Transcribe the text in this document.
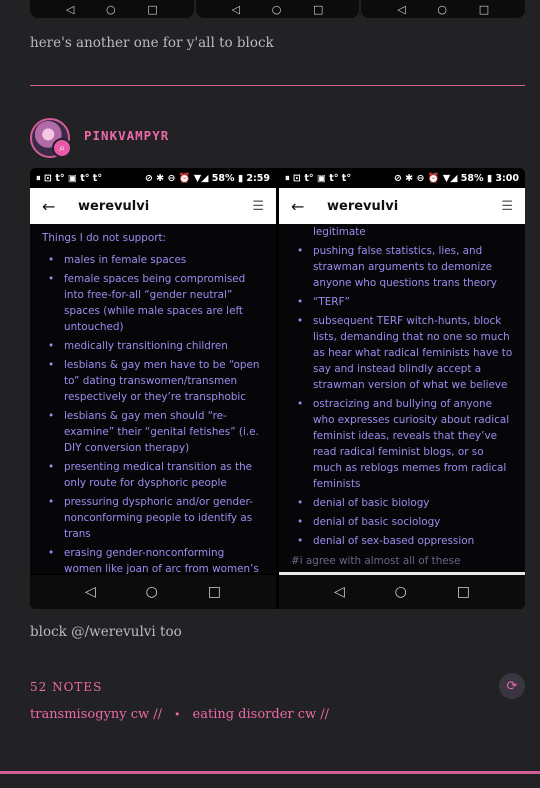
◁	○	□	◁	○	□	◁	○	□

here's another one for y'all to block

⌕
PINKVAMPYR
⏸ ⊡ t° ▣ t° t°	⊘ ✱ ⊖ ⏰ ▼◢ 58% ▮ 2:59
←	werevulvi	☰
Things I do not support:
• males in female spaces
• female spaces being compromised into free-for-all “gender neutral” spaces (while male spaces are left untouched)
• medically transitioning children
• lesbians & gay men have to be “open to” dating transwomen/transmen respectively or they’re transphobic
• lesbians & gay men should “re-examine” their “genital fetishes” (i.e. DIY conversion therapy)
• presenting medical transition as the only route for dysphoric people
• pressuring dysphoric and/or gender-nonconforming people to identify as trans
• erasing gender-nonconforming women like joan of arc from women’s
◁	○	□
⏸ ⊡ t° ▣ t° t°	⊘ ✱ ⊖ ⏰ ▼◢ 58% ▮ 3:00
←	werevulvi	☰
legitimate
• pushing false statistics, lies, and strawman arguments to demonize anyone who questions trans theory
• “TERF”
• subsequent TERF witch-hunts, block lists, demanding that no one so much as hear what radical feminists have to say and instead blindly accept a strawman version of what we believe
• ostracizing and bullying of anyone who expresses curiosity about radical feminist ideas, reveals that they’ve read radical feminist blogs, or so much as reblogs memes from radical feminists
• denial of basic biology
• denial of basic sociology
• denial of sex-based oppression
#i agree with almost all of these
◁	○	□

block @/werevulvi too

52 NOTES	⟳
transmisogyny cw // • eating disorder cw //
